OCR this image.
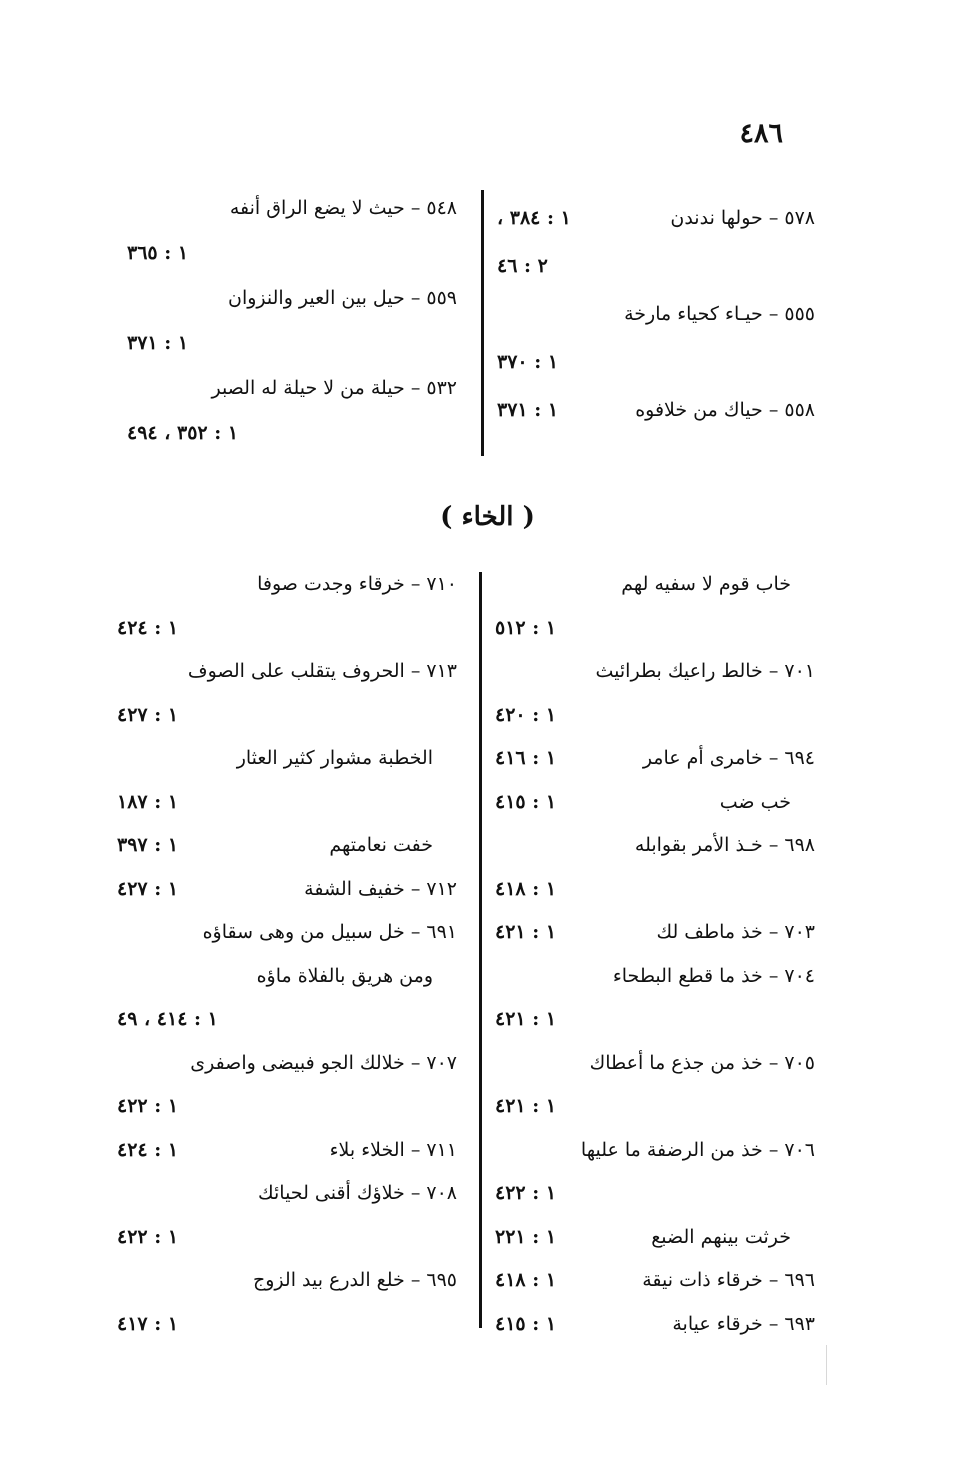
٤٨٦
٥٧٨ – حولها ندندن
١ : ٣٨٤ ،
٢ : ٤٦
٥٥٥ – حيـاء كحياء مارخة
١ : ٣٧٠
٥٥٨ – حياك من خلافوه
١ : ٣٧١
٥٤٨ – حيث لا يضع الراق أنفه
١ : ٣٦٥
٥٥٩ – حيل بين العير والنزوان
١ : ٣٧١
٥٣٢ – حيلة من لا حيلة له الصبر
١ : ٣٥٢ ، ٤٩٤
( الخاء )
خاب قوم لا سفيه لهم
١ : ٥١٢
٧٠١ – خالط راعيك بطرائيث
١ : ٤٢٠
٦٩٤ – خامرى أم عامر
١ : ٤١٦
خب ضب
١ : ٤١٥
٦٩٨ – خـذ الأمر بقوابله
١ : ٤١٨
٧٠٣ – خذ ماطف لك
١ : ٤٢١
٧٠٤ – خذ ما قطع البطحاء
١ : ٤٢١
٧٠٥ – خذ من جذع ما أعطاك
١ : ٤٢١
٧٠٦ – خذ من الرضفة ما عليها
١ : ٤٢٢
خرثت بينهم الضبع
١ : ٢٢١
٦٩٦ – خرقاء ذات نيقة
١ : ٤١٨
٦٩٣ – خرقاء عيابة
١ : ٤١٥
٧١٠ – خرقاء وجدت صوفا
١ : ٤٢٤
٧١٣ – الحروف يتقلب على الصوف
١ : ٤٢٧
الخطبة مشوار كثير العثار
١ : ١٨٧
خفت نعامتهم
١ : ٣٩٧
٧١٢ – خفيف الشفة
١ : ٤٢٧
٦٩١ – خل سبيل من وهى سقاؤه
ومن هريق بالفلاة ماؤه
١ : ٤١٤ ، ٤٩
٧٠٧ – خلالك الجو فبيضى واصفرى
١ : ٤٢٢
٧١١ – الخلاء بلاء
١ : ٤٢٤
٧٠٨ – خلاؤك أقنى لحيائك
١ : ٤٢٢
٦٩٥ – خلع الدرع بيد الزوج
١ : ٤١٧
